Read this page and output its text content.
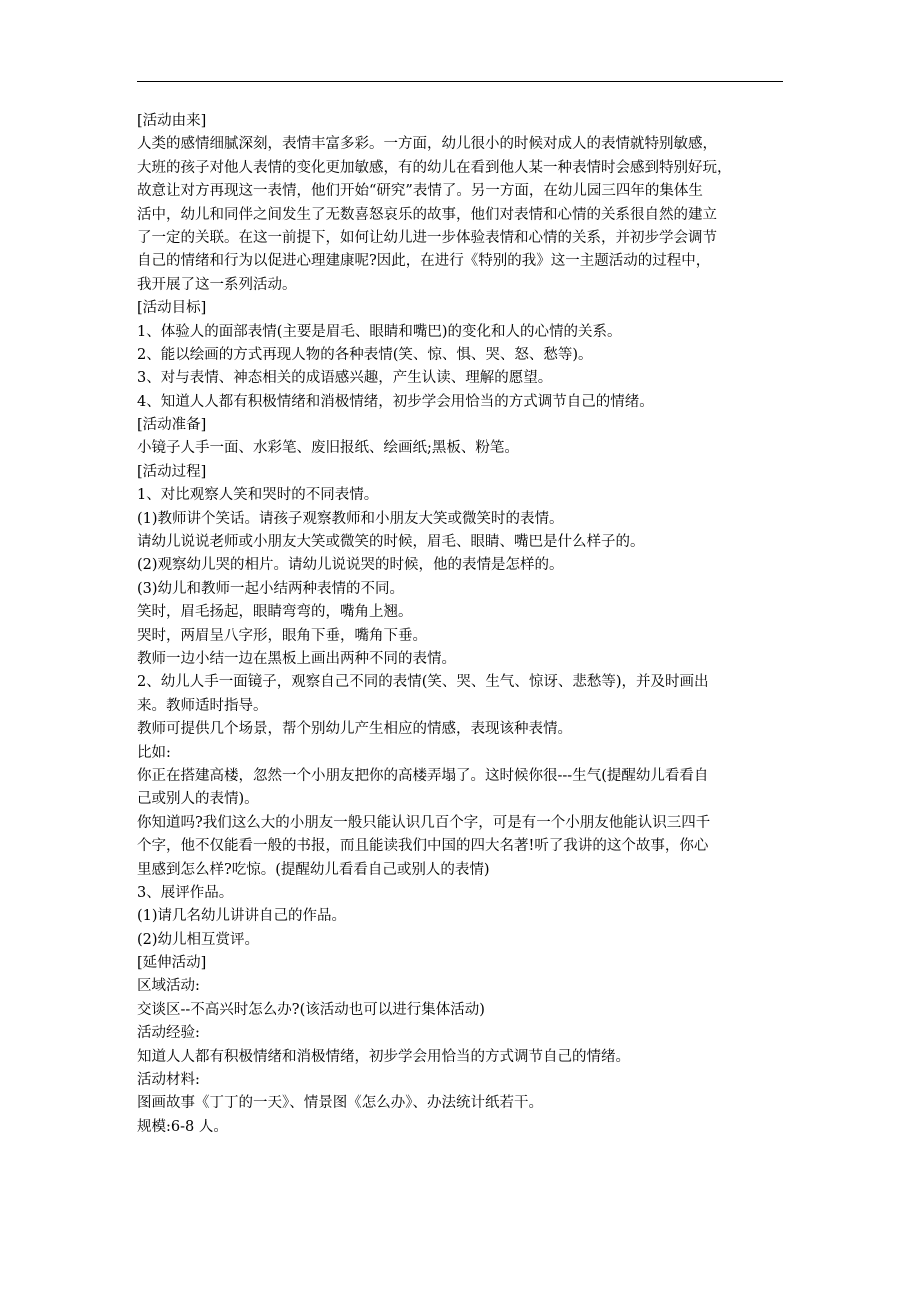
[活动由来]
人类的感情细腻深刻，表情丰富多彩。一方面，幼儿很小的时候对成人的表情就特别敏感，
大班的孩子对他人表情的变化更加敏感，有的幼儿在看到他人某一种表情时会感到特别好玩，
故意让对方再现这一表情，他们开始“研究”表情了。另一方面，在幼儿园三四年的集体生
活中，幼儿和同伴之间发生了无数喜怒哀乐的故事，他们对表情和心情的关系很自然的建立
了一定的关联。在这一前提下，如何让幼儿进一步体验表情和心情的关系，并初步学会调节
自己的情绪和行为以促进心理建康呢?因此，在进行《特别的我》这一主题活动的过程中，
我开展了这一系列活动。
[活动目标]
1、体验人的面部表情(主要是眉毛、眼睛和嘴巴)的变化和人的心情的关系。
2、能以绘画的方式再现人物的各种表情(笑、惊、惧、哭、怒、愁等)。
3、对与表情、神态相关的成语感兴趣，产生认读、理解的愿望。
4、知道人人都有积极情绪和消极情绪，初步学会用恰当的方式调节自己的情绪。
[活动准备]
小镜子人手一面、水彩笔、废旧报纸、绘画纸;黑板、粉笔。
[活动过程]
1、对比观察人笑和哭时的不同表情。
(1)教师讲个笑话。请孩子观察教师和小朋友大笑或微笑时的表情。
请幼儿说说老师或小朋友大笑或微笑的时候，眉毛、眼睛、嘴巴是什么样子的。
(2)观察幼儿哭的相片。请幼儿说说哭的时候，他的表情是怎样的。
(3)幼儿和教师一起小结两种表情的不同。
笑时，眉毛扬起，眼睛弯弯的，嘴角上翘。
哭时，两眉呈八字形，眼角下垂，嘴角下垂。
教师一边小结一边在黑板上画出两种不同的表情。
2、幼儿人手一面镜子，观察自己不同的表情(笑、哭、生气、惊讶、悲愁等)，并及时画出
来。教师适时指导。
教师可提供几个场景，帮个别幼儿产生相应的情感，表现该种表情。
比如:
你正在搭建高楼，忽然一个小朋友把你的高楼弄塌了。这时候你很---生气(提醒幼儿看看自
己或别人的表情)。
你知道吗?我们这么大的小朋友一般只能认识几百个字，可是有一个小朋友他能认识三四千
个字，他不仅能看一般的书报，而且能读我们中国的四大名著!听了我讲的这个故事，你心
里感到怎么样?吃惊。(提醒幼儿看看自己或别人的表情)
3、展评作品。
(1)请几名幼儿讲讲自己的作品。
(2)幼儿相互赏评。
[延伸活动]
区域活动:
交谈区--不高兴时怎么办?(该活动也可以进行集体活动)
活动经验:
知道人人都有积极情绪和消极情绪，初步学会用恰当的方式调节自己的情绪。
活动材料:
图画故事《丁丁的一天》、情景图《怎么办》、办法统计纸若干。
规模:6-8 人。
